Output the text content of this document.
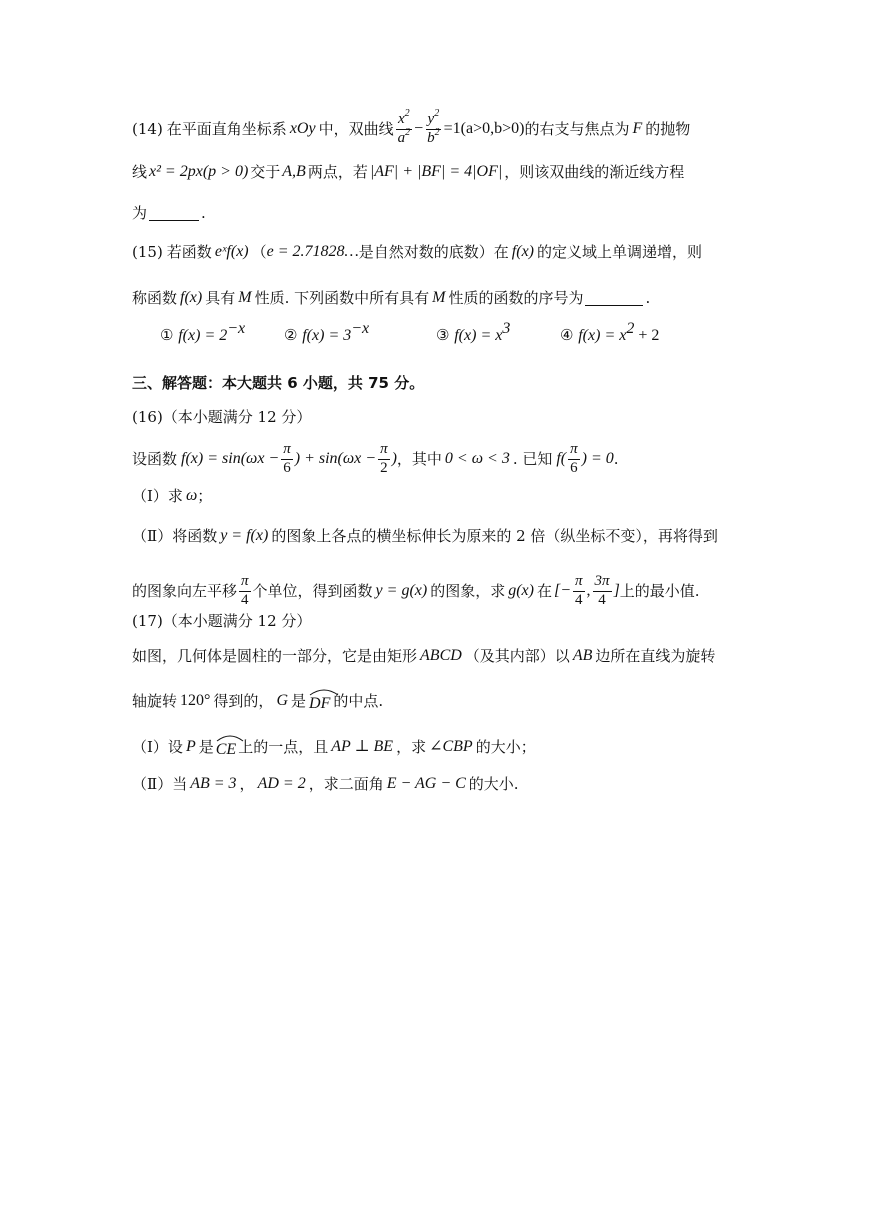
(14) 在平面直角坐标系 xOy 中，双曲线 $\frac{x^2}{a^2} - \frac{y^2}{b^2} =1(a>0,b>0)$ 的右支与焦点为 F 的抛物
线 x² = 2px(p > 0) 交于 A,B 两点，若 |AF| + |BF| = 4|OF| ，则该双曲线的渐近线方程
为	.
(15) 若函数 eˣf(x) （ e = 2.71828… 是自然对数的底数）在 f(x) 的定义域上单调递增，则
称函数 f(x) 具有 M 性质. 下列函数中所有具有 M 性质的函数的序号为	.
① $f(x) = 2^{-x}$	② $f(x) = 3^{-x}$	③ $f(x) = x^3$	④ $f(x) = x^2 + 2$
三、解答题：本大题共 6 小题，共 75 分。
(16)（本小题满分 12 分）
设函数 $f(x) = \sin(\omega x - \frac{\pi}{6}$ ) + $\sin(\omega x - \frac{\pi}{2}$ ) ，其中 0 < ω < 3 . 已知 $f( \frac{\pi}{6}$ ) = 0 .
（Ⅰ）求 ω ；
（Ⅱ）将函数 y = f(x) 的图象上各点的横坐标伸长为原来的 2 倍（纵坐标不变），再将得到
的图象向左平移 $\frac{\pi}{4}$ 个单位，得到函数 y = g(x) 的图象，求 g(x) 在 [− $\frac{\pi}{4}$ , $\frac{3\pi}{4}$ ] 上的最小值.
(17)（本小题满分 12 分）
如图，几何体是圆柱的一部分，它是由矩形 ABCD （及其内部）以 AB 边所在直线为旋转
轴旋转 120° 得到的， G 是 DF 的中点.
（Ⅰ）设 P 是 CE 上的一点，且 AP ⊥ BE ，求 ∠CBP 的大小；
（Ⅱ）当 AB = 3 ， AD = 2 ，求二面角 E − AG − C 的大小.
